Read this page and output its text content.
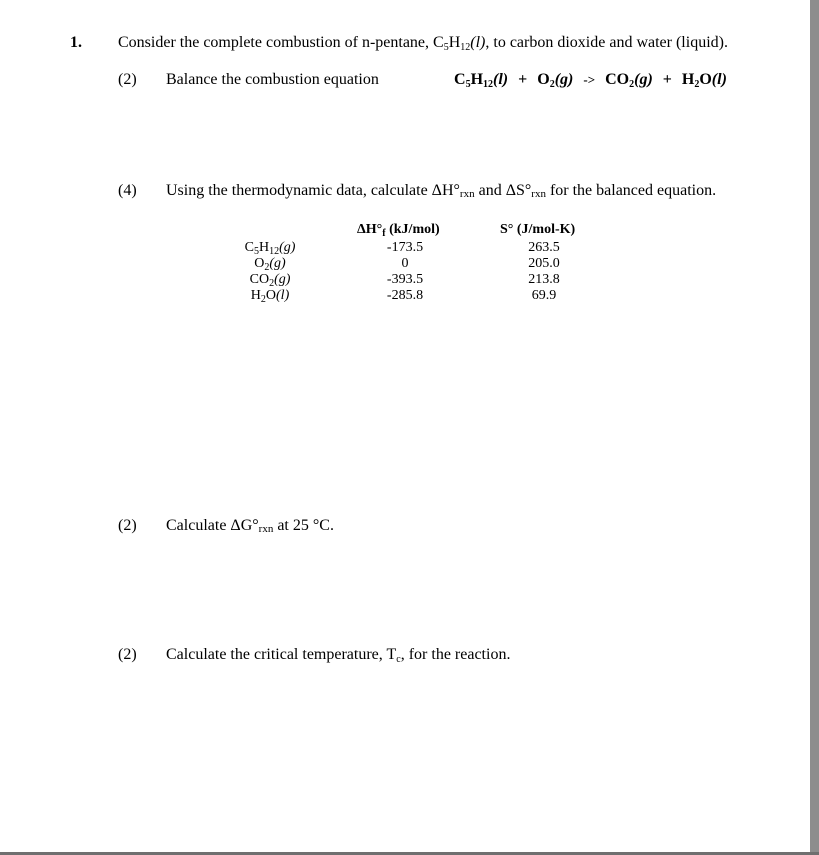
1. Consider the complete combustion of n-pentane, C5H12(l), to carbon dioxide and water (liquid).
(2) Balance the combustion equation	C5H12(l) + O2(g) -> CO2(g) + H2O(l)
(4) Using the thermodynamic data, calculate ΔH°rxn and ΔS°rxn for the balanced equation.
$\Delta H^\circ_f$ (kJ/mol)	S° (J/mol-K)
$C_5H_{12}(g)$
$O_2(g)$
$CO_2(g)$
$H_2O(l)$
-173.5
0
-393.5
-285.8
263.5
205.0
213.8
69.9
(2) Calculate ΔG°rxn at 25 °C.
(2) Calculate the critical temperature, Tc, for the reaction.
